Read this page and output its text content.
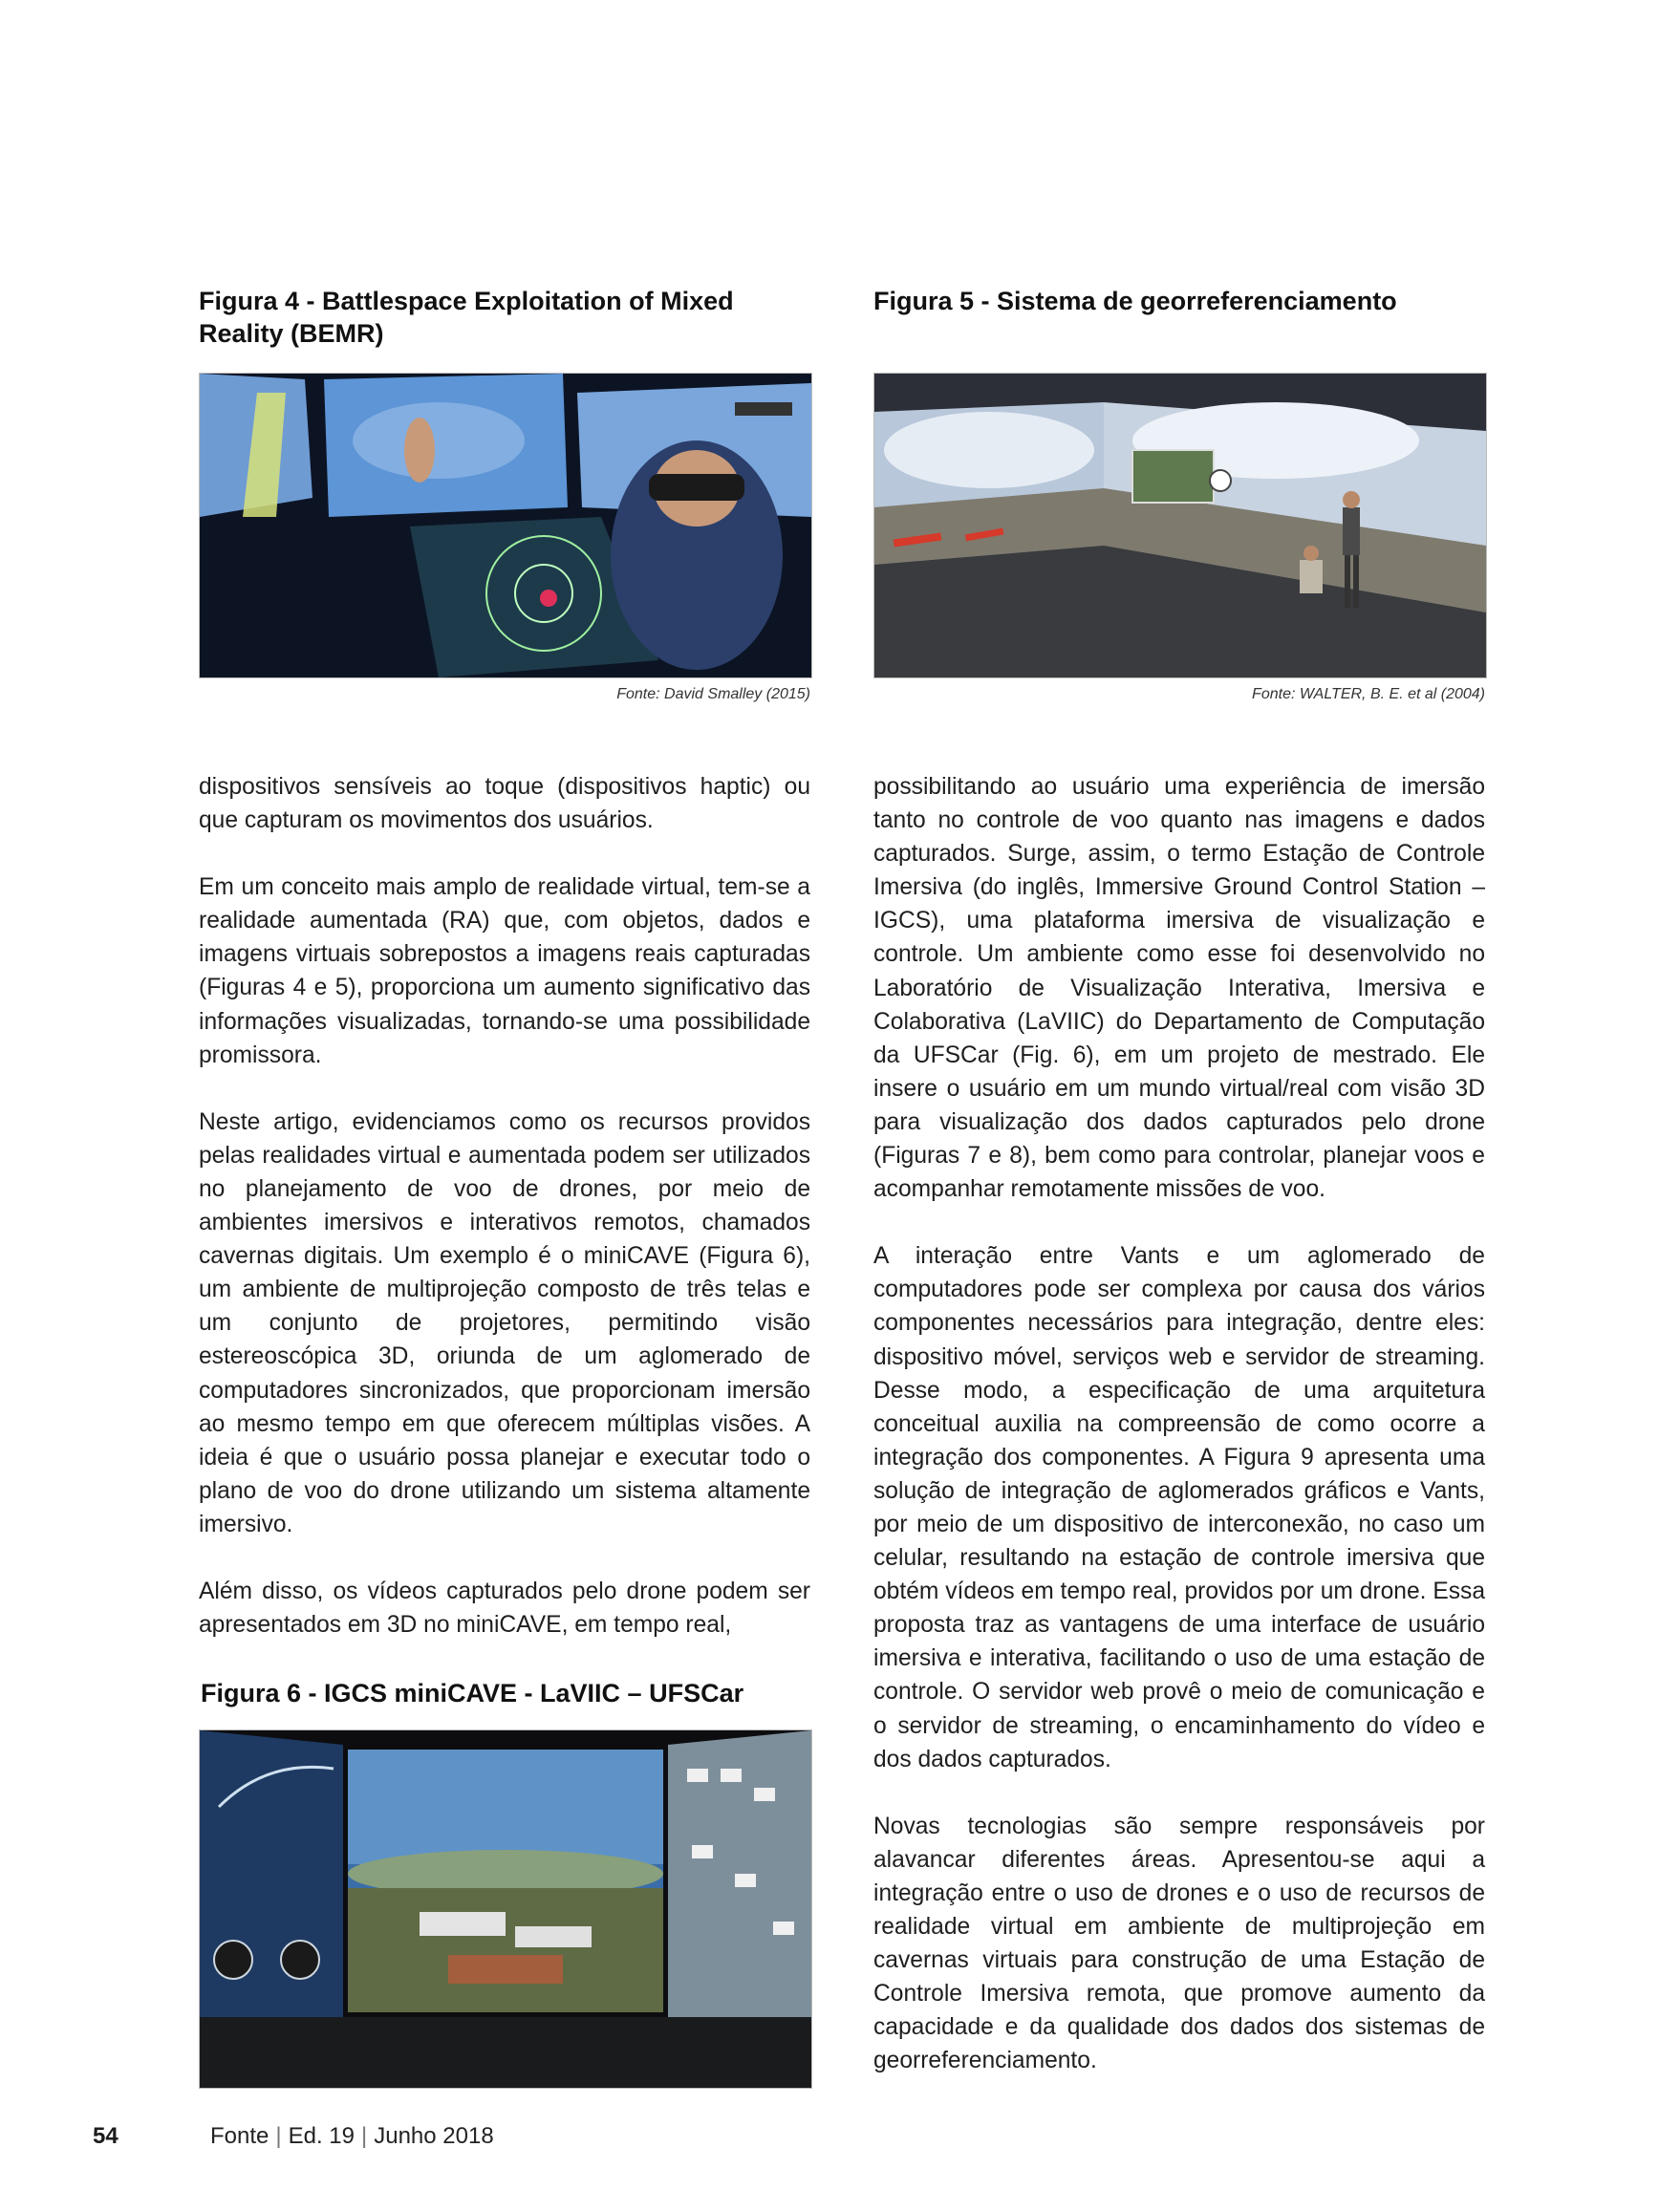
Figura 4 - Battlespace Exploitation of Mixed Reality (BEMR)
Fonte: David Smalley (2015)
Figura 5 - Sistema de georreferenciamento
Fonte: WALTER, B. E. et al (2004)

dispositivos sensíveis ao toque (dispositivos haptic) ou que capturam os movimentos dos usuários.

Em um conceito mais amplo de realidade virtual, tem-se a realidade aumentada (RA) que, com objetos, dados e imagens virtuais sobrepostos a imagens reais capturadas (Figuras 4 e 5), proporciona um aumento significativo das informações visualizadas, tornando-se uma possibilidade promissora.

Neste artigo, evidenciamos como os recursos providos pelas realidades virtual e aumentada podem ser utilizados no planejamento de voo de drones, por meio de ambientes imersivos e interativos remotos, chamados cavernas digitais. Um exemplo é o miniCAVE (Figura 6), um ambiente de multiprojeção composto de três telas e um conjunto de projetores, permitindo visão estereoscópica 3D, oriunda de um aglomerado de computadores sincronizados, que proporcionam imersão ao mesmo tempo em que oferecem múltiplas visões. A ideia é que o usuário possa planejar e executar todo o plano de voo do drone utilizando um sistema altamente imersivo.

Além disso, os vídeos capturados pelo drone podem ser apresentados em 3D no miniCAVE, em tempo real,

Figura 6 - IGCS miniCAVE - LaVIIC – UFSCar

possibilitando ao usuário uma experiência de imersão tanto no controle de voo quanto nas imagens e dados capturados. Surge, assim, o termo Estação de Controle Imersiva (do inglês, Immersive Ground Control Station – IGCS), uma plataforma imersiva de visualização e controle. Um ambiente como esse foi desenvolvido no Laboratório de Visualização Interativa, Imersiva e Colaborativa (LaVIIC) do Departamento de Computação da UFSCar (Fig. 6), em um projeto de mestrado. Ele insere o usuário em um mundo virtual/real com visão 3D para visualização dos dados capturados pelo drone (Figuras 7 e 8), bem como para controlar, planejar voos e acompanhar remotamente missões de voo.

A interação entre Vants e um aglomerado de computadores pode ser complexa por causa dos vários componentes necessários para integração, dentre eles: dispositivo móvel, serviços web e servidor de streaming. Desse modo, a especificação de uma arquitetura conceitual auxilia na compreensão de como ocorre a integração dos componentes. A Figura 9 apresenta uma solução de integração de aglomerados gráficos e Vants, por meio de um dispositivo de interconexão, no caso um celular, resultando na estação de controle imersiva que obtém vídeos em tempo real, providos por um drone. Essa proposta traz as vantagens de uma interface de usuário imersiva e interativa, facilitando o uso de uma estação de controle. O servidor web provê o meio de comunicação e o servidor de streaming, o encaminhamento do vídeo e dos dados capturados.

Novas tecnologias são sempre responsáveis por alavancar diferentes áreas. Apresentou-se aqui a integração entre o uso de drones e o uso de recursos de realidade virtual em ambiente de multiprojeção em cavernas virtuais para construção de uma Estação de Controle Imersiva remota, que promove aumento da capacidade e da qualidade dos dados dos sistemas de georreferenciamento.

54	Fonte | Ed. 19 | Junho 2018
